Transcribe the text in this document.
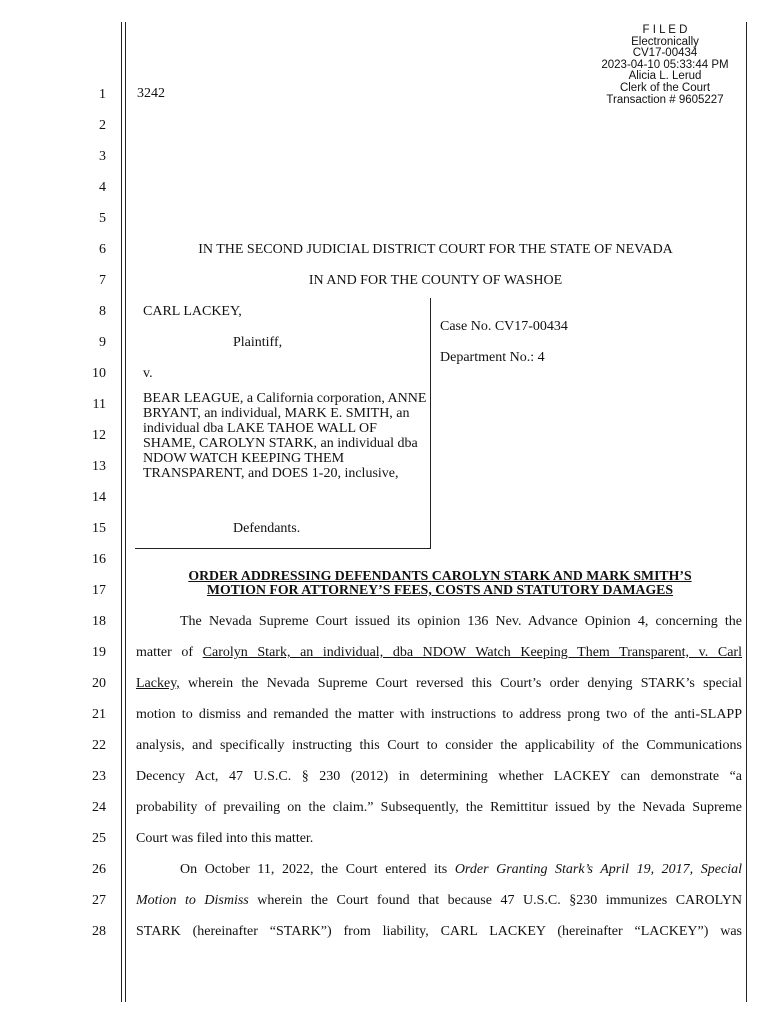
F I L E D
Electronically
CV17-00434
2023-04-10 05:33:44 PM
Alicia L. Lerud
Clerk of the Court
Transaction # 9605227
1
2
3
4
5
6
7
8
9
10
11
12
13
14
15
16
17
18
19
20
21
22
23
24
25
26
27
28
3242
IN THE SECOND JUDICIAL DISTRICT COURT FOR THE STATE OF NEVADA
IN AND FOR THE COUNTY OF WASHOE
CARL LACKEY,
Plaintiff,
v.
BEAR LEAGUE, a California corporation, ANNE BRYANT, an individual, MARK E. SMITH, an individual dba LAKE TAHOE WALL OF SHAME, CAROLYN STARK, an individual dba NDOW WATCH KEEPING THEM TRANSPARENT, and DOES 1-20, inclusive,
Defendants.
Case No. CV17-00434
Department No.: 4
ORDER ADDRESSING DEFENDANTS CAROLYN STARK AND MARK SMITH’S
MOTION FOR ATTORNEY’S FEES, COSTS AND STATUTORY DAMAGES
The Nevada Supreme Court issued its opinion 136 Nev. Advance Opinion 4, concerning the
matter of Carolyn Stark, an individual, dba NDOW Watch Keeping Them Transparent, v. Carl
Lackey, wherein the Nevada Supreme Court reversed this Court’s order denying STARK’s special
motion to dismiss and remanded the matter with instructions to address prong two of the anti-SLAPP
analysis, and specifically instructing this Court to consider the applicability of the Communications
Decency Act, 47 U.S.C. § 230 (2012) in determining whether LACKEY can demonstrate “a
probability of prevailing on the claim.” Subsequently, the Remittitur issued by the Nevada Supreme
Court was filed into this matter.
On October 11, 2022, the Court entered its Order Granting Stark’s April 19, 2017, Special
Motion to Dismiss wherein the Court found that because 47 U.S.C. §230 immunizes CAROLYN
STARK (hereinafter “STARK”) from liability, CARL LACKEY (hereinafter “LACKEY”) was
